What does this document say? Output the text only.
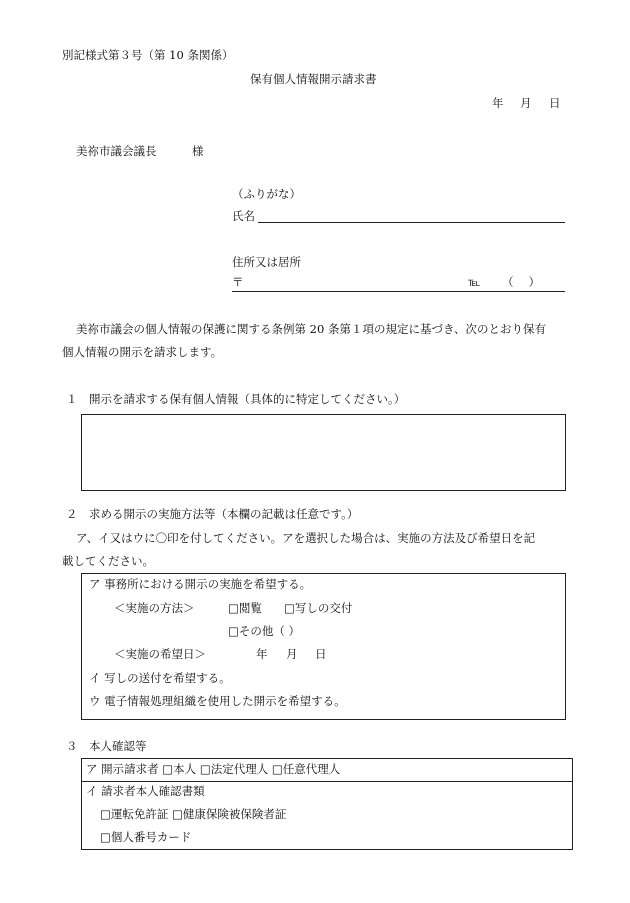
別記様式第３号（第 10 条関係）
保有個人情報開示請求書
年 月 日
美祢市議会議長	様
（ふりがな）
氏名
住所又は居所
〒	℡ （　 ）
美祢市議会の個人情報の保護に関する条例第 20 条第１項の規定に基づき、次のとおり保有
個人情報の開示を請求します。
１　開示を請求する保有個人情報（具体的に特定してください。）
２　求める開示の実施方法等（本欄の記載は任意です。）
ア、イ又はウに〇印を付してください。アを選択した場合は、実施の方法及び希望日を記
載してください。
ア 事務所における開示の実施を希望する。
＜実施の方法＞	□閲覧 □写しの交付
□その他（ ）
＜実施の希望日＞	年 月 日
イ 写しの送付を希望する。
ウ 電子情報処理組織を使用した開示を希望する。
３　本人確認等
ア 開示請求者 □本人 □法定代理人 □任意代理人
イ 請求者本人確認書類
□運転免許証 □健康保険被保険者証
□個人番号カード
